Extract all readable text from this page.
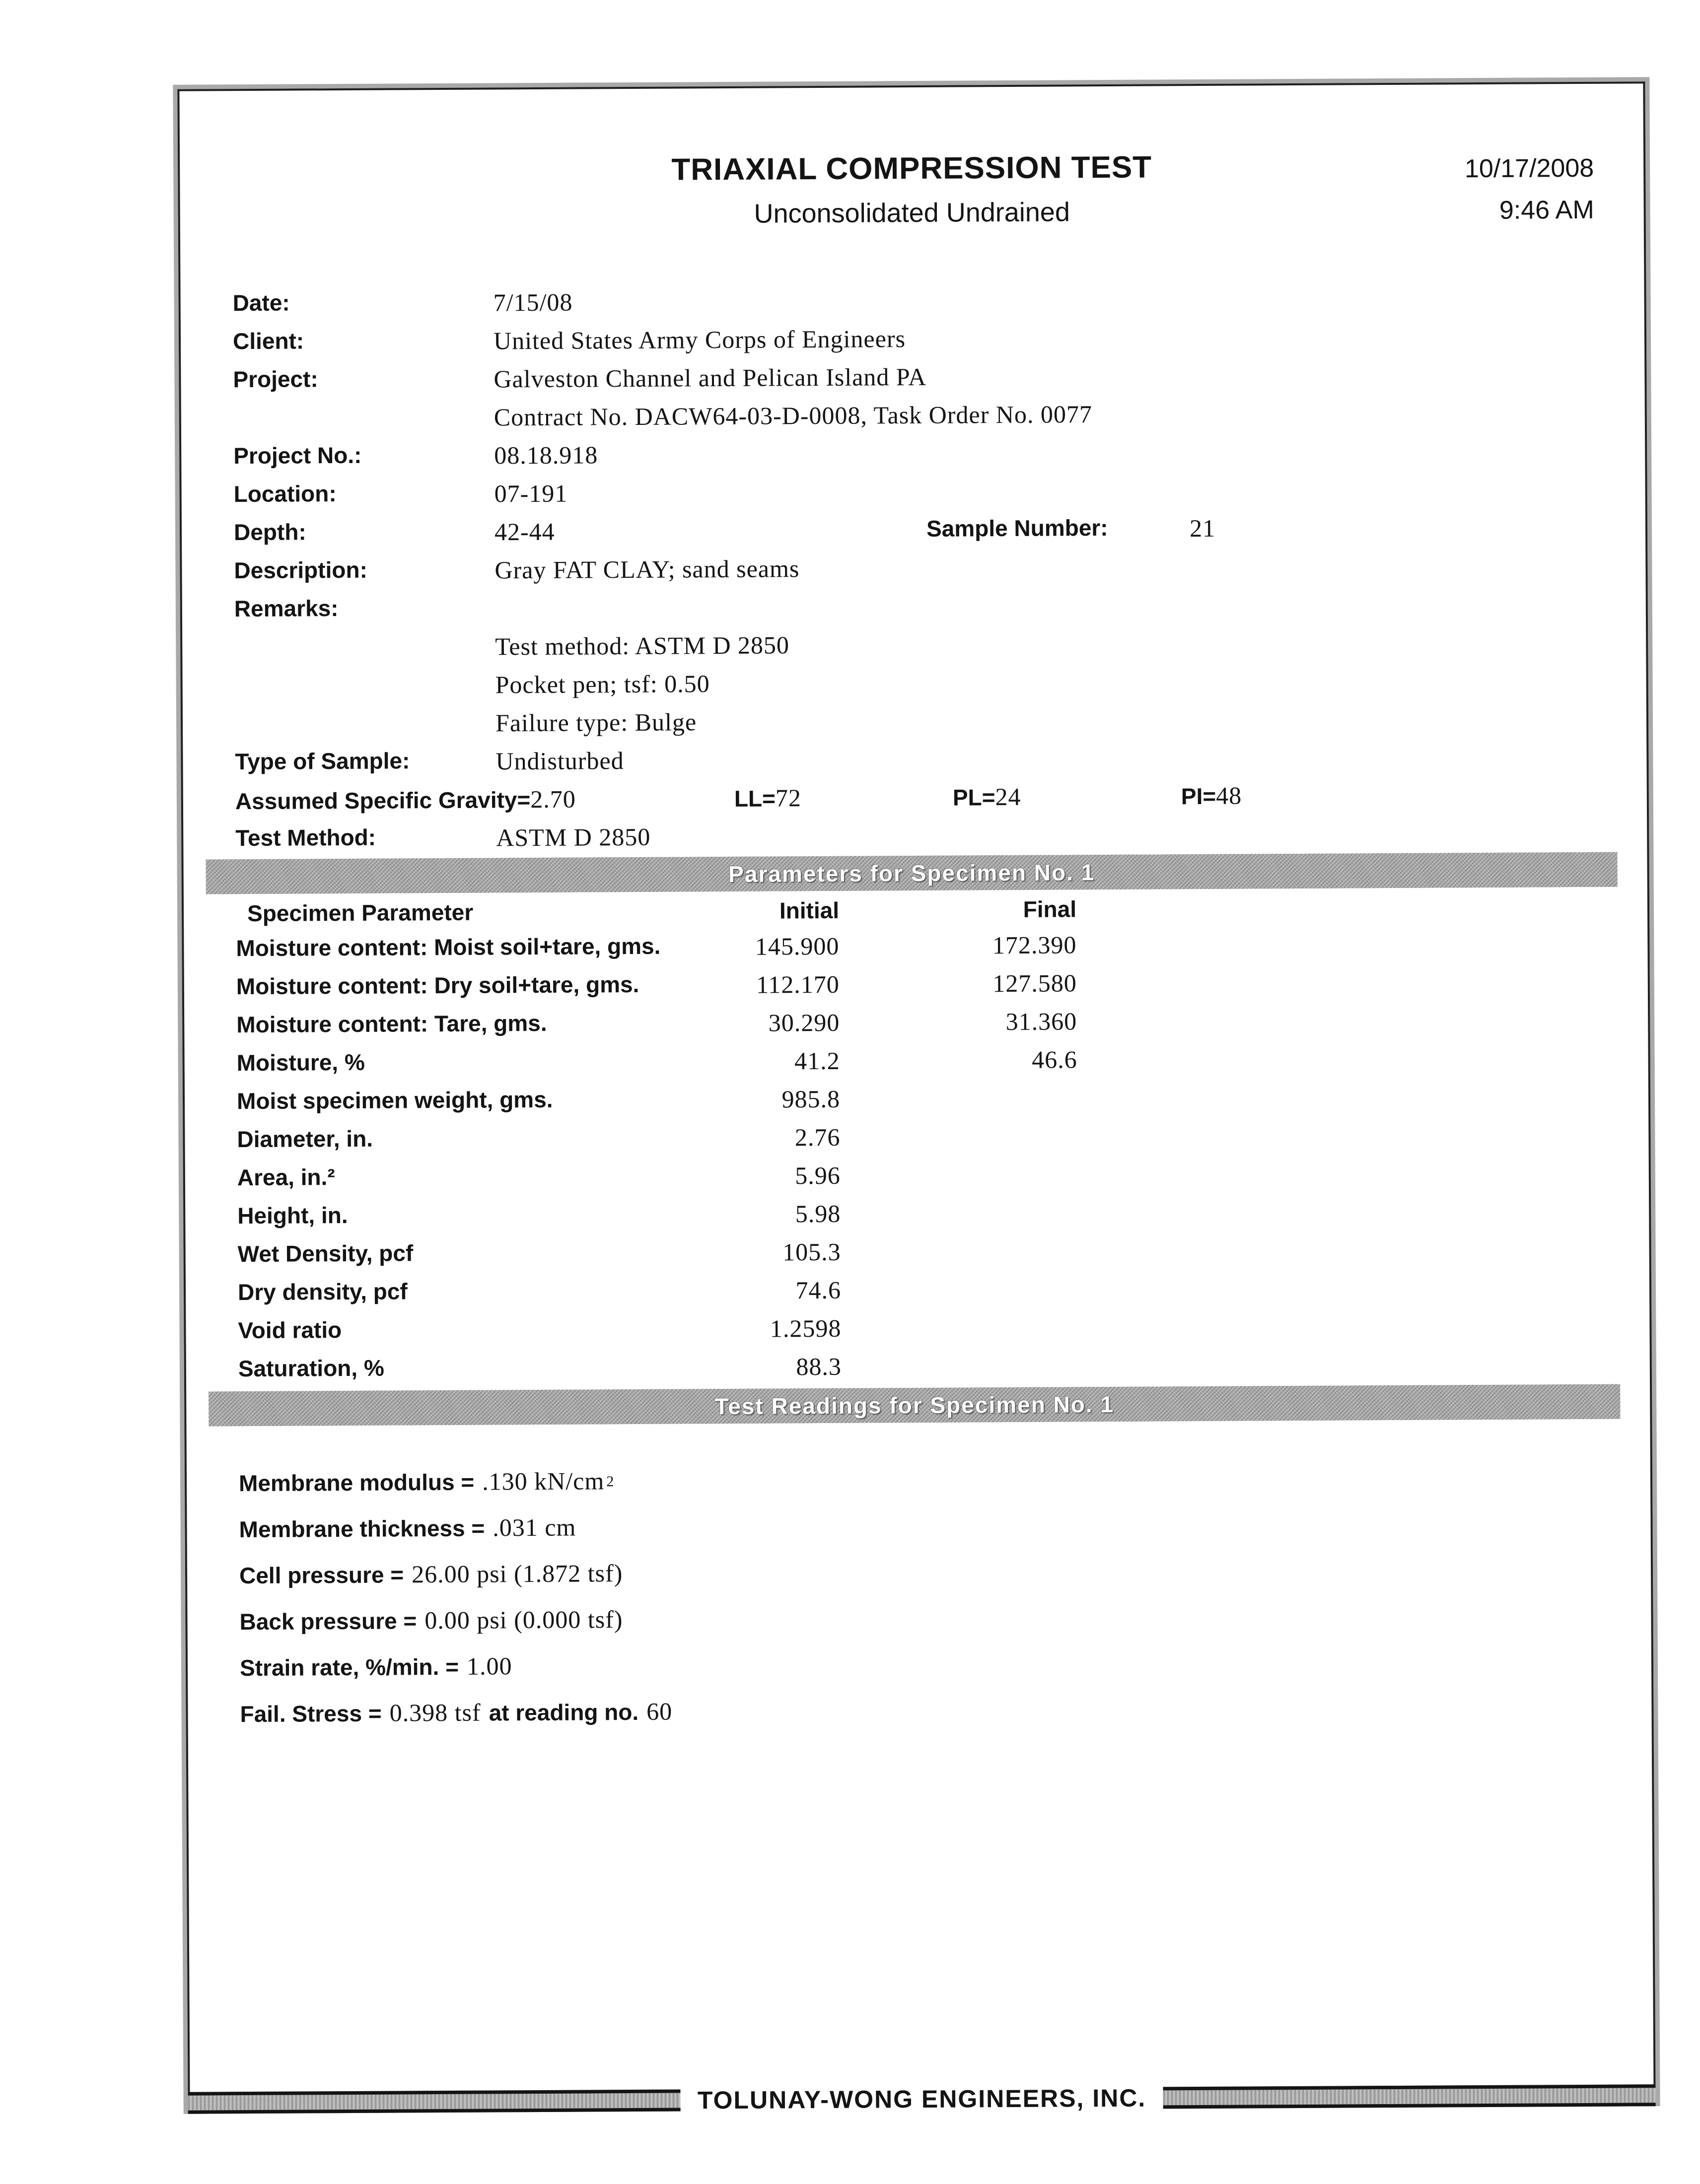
TRIAXIAL COMPRESSION TEST
Unconsolidated Undrained
10/17/2008
9:46 AM
Date:	7/15/08
Client:	United States Army Corps of Engineers
Project:	Galveston Channel and Pelican Island PA
Contract No. DACW64-03-D-0008, Task Order No. 0077
Project No.:	08.18.918
Location:	07-191
Depth:	42-44	Sample Number:	21
Description:	Gray FAT CLAY; sand seams
Remarks:
Test method: ASTM D 2850
Pocket pen; tsf: 0.50
Failure type: Bulge
Type of Sample:	Undisturbed
Assumed Specific Gravity=2.70	LL=72	PL=24	PI=48
Test Method:	ASTM D 2850
Parameters for Specimen No. 1
Specimen Parameter	Initial	Final
Moisture content: Moist soil+tare, gms.	145.900	172.390
Moisture content: Dry soil+tare, gms.	112.170	127.580
Moisture content: Tare, gms.	30.290	31.360
Moisture, %	41.2	46.6
Moist specimen weight, gms.	985.8
Diameter, in.	2.76
Area, in.²	5.96
Height, in.	5.98
Wet Density, pcf	105.3
Dry density, pcf	74.6
Void ratio	1.2598
Saturation, %	88.3
Test Readings for Specimen No. 1
Membrane modulus = .130 kN/cm $^2$
Membrane thickness = .031 cm
Cell pressure = 26.00 psi (1.872 tsf)
Back pressure = 0.00 psi (0.000 tsf)
Strain rate, %/min. = 1.00
Fail. Stress = 0.398 tsf at reading no. 60
TOLUNAY-WONG ENGINEERS, INC.
